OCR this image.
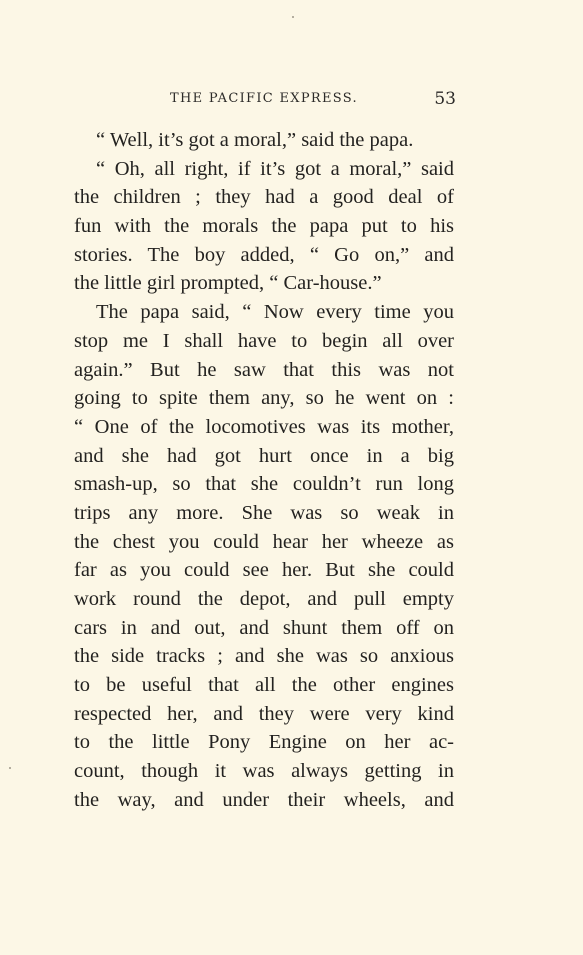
THE PACIFIC EXPRESS.	53
“ Well, it’s got a moral,” said the papa.
“ Oh, all right, if it’s got a moral,” said
the children ; they had a good deal of
fun with the morals the papa put to his
stories. The boy added, “ Go on,” and
the little girl prompted, “ Car-house.”
The papa said, “ Now every time you
stop me I shall have to begin all over
again.” But he saw that this was not
going to spite them any, so he went on :
“ One of the locomotives was its mother,
and she had got hurt once in a big
smash-up, so that she couldn’t run long
trips any more. She was so weak in
the chest you could hear her wheeze as
far as you could see her. But she could
work round the depot, and pull empty
cars in and out, and shunt them off on
the side tracks ; and she was so anxious
to be useful that all the other engines
respected her, and they were very kind
to the little Pony Engine on her ac-
count, though it was always getting in
the way, and under their wheels, and
